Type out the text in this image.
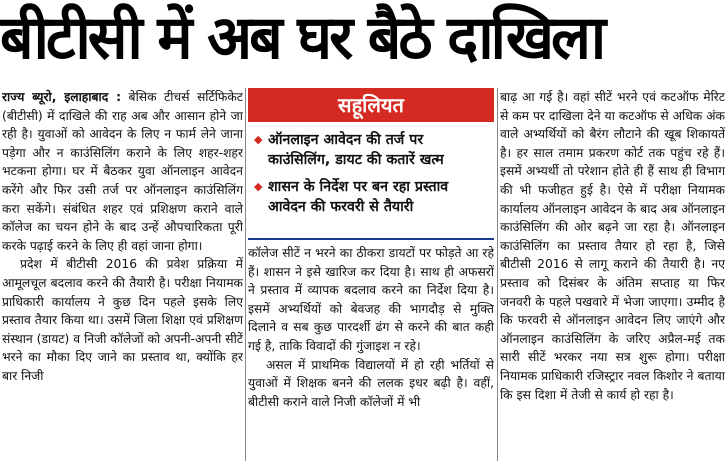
बीटीसी में अब घर बैठे दाखिला

राज्य ब्यूरो, इलाहाबाद : बेसिक टीचर्स सर्टिफिकेट (बीटीसी) में दाखिले की राह अब और आसान होने जा रही है। युवाओं को आवेदन के लिए न फार्म लेने जाना पड़ेगा और न काउंसिलिंग कराने के लिए शहर-शहर भटकना होगा। घर में बैठकर युवा ऑनलाइन आवेदन करेंगे और फिर उसी तर्ज पर ऑनलाइन काउंसिलिंग करा सकेंगे। संबंधित शहर एवं प्रशिक्षण कराने वाले कॉलेज का चयन होने के बाद उन्हें औपचारिकता पूरी करके पढ़ाई करने के लिए ही वहां जाना होगा।

प्रदेश में बीटीसी 2016 की प्रवेश प्रक्रिया में आमूलचूल बदलाव करने की तैयारी है। परीक्षा नियामक प्राधिकारी कार्यालय ने कुछ दिन पहले इसके लिए प्रस्ताव तैयार किया था। उसमें जिला शिक्षा एवं प्रशिक्षण संस्थान (डायट) व निजी कॉलेजों को अपनी-अपनी सीटें भरने का मौका दिए जाने का प्रस्ताव था, क्योंकि हर बार निजी

सहूलियत
◆ ऑनलाइन आवेदन की तर्ज पर काउंसिलिंग, डायट की कतारें खत्म
◆ शासन के निर्देश पर बन रहा प्रस्ताव आवेदन की फरवरी से तैयारी

कॉलेज सीटें न भरने का ठीकरा डायटों पर फोड़ते आ रहे हैं। शासन ने इसे खारिज कर दिया है। साथ ही अफसरों ने प्रस्ताव में व्यापक बदलाव करने का निर्देश दिया है। इसमें अभ्यर्थियों को बेवजह की भागदौड़ से मुक्ति दिलाने व सब कुछ पारदर्शी ढंग से करने की बात कही गई है, ताकि विवादों की गुंजाइश न रहे।

असल में प्राथमिक विद्यालयों में हो रही भर्तियों से युवाओं में शिक्षक बनने की ललक इधर बढ़ी है। वहीं, बीटीसी कराने वाले निजी कॉलेजों में भी

बाढ़ आ गई है। वहां सीटें भरने एवं कटऑफ मेरिट से कम पर दाखिला देने या कटऑफ से अधिक अंक वाले अभ्यर्थियों को बैरंग लौटाने की खूब शिकायतें है। हर साल तमाम प्रकरण कोर्ट तक पहुंच रहे हैं। इसमें अभ्यर्थी तो परेशान होते ही हैं साथ ही विभाग की भी फजीहत हुई है। ऐसे में परीक्षा नियामक कार्यालय ऑनलाइन आवेदन के बाद अब ऑनलाइन काउंसिलिंग की ओर बढ़ने जा रहा है। ऑनलाइन काउंसिलिंग का प्रस्ताव तैयार हो रहा है, जिसे बीटीसी 2016 से लागू कराने की तैयारी है। नए प्रस्ताव को दिसंबर के अंतिम सप्ताह या फिर जनवरी के पहले पखवारे में भेजा जाएगा। उम्मीद है कि फरवरी से ऑनलाइन आवेदन लिए जाएंगे और ऑनलाइन काउंसिलिंग के जरिए अप्रैल-मई तक सारी सीटें भरकर नया सत्र शुरू होगा। परीक्षा नियामक प्राधिकारी रजिस्ट्रार नवल किशोर ने बताया कि इस दिशा में तेजी से कार्य हो रहा है।
